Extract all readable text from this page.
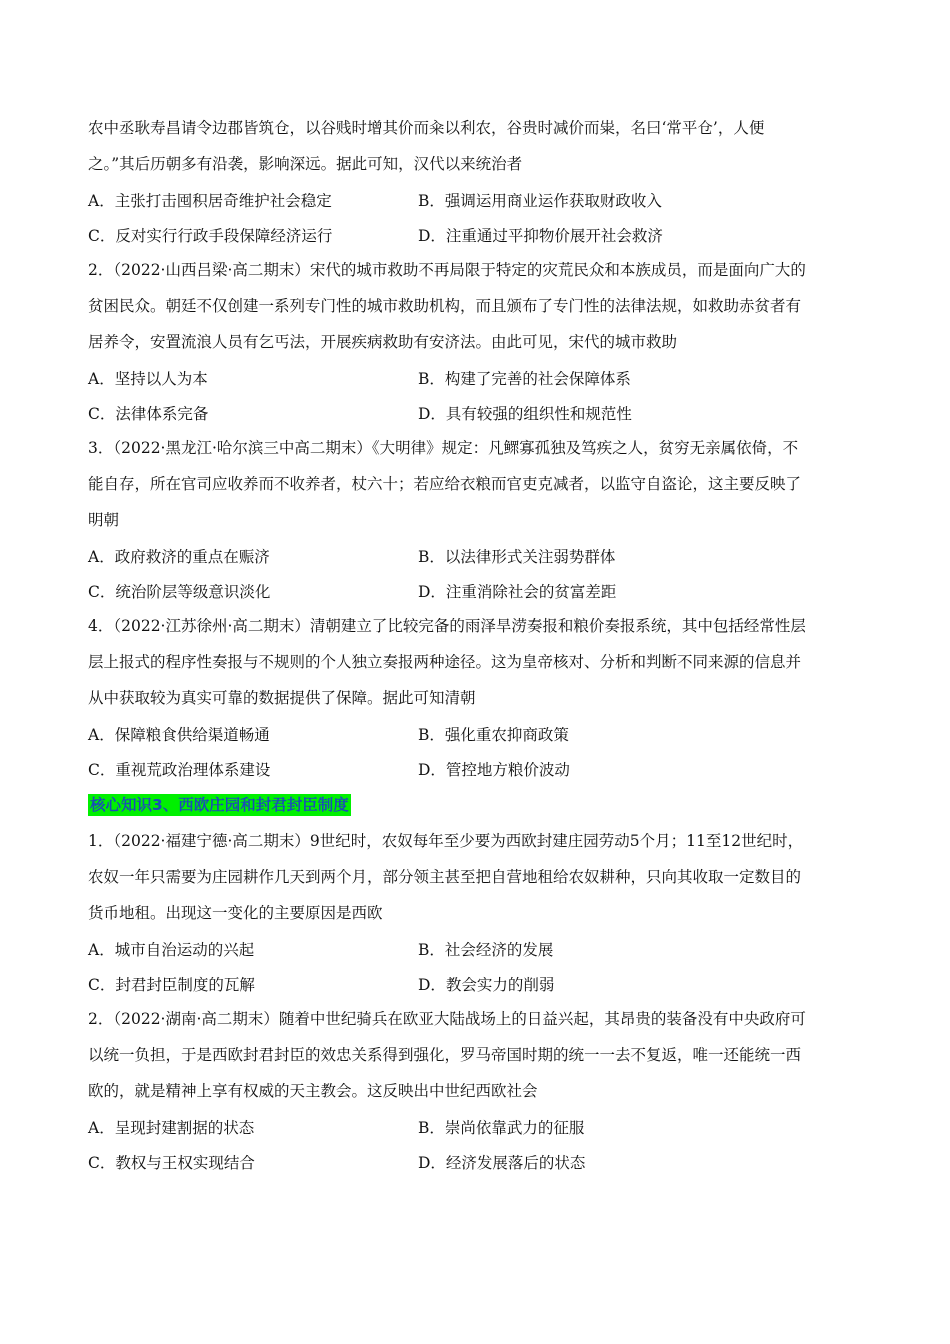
农中丞耿寿昌请令边郡皆筑仓，以谷贱时增其价而籴以利农，谷贵时减价而粜，名曰‘常平仓’，人便

之。”其后历朝多有沿袭，影响深远。据此可知，汉代以来统治者

A．主张打击囤积居奇维护社会稳定	B．强调运用商业运作获取财政收入
C．反对实行行政手段保障经济运行	D．注重通过平抑物价展开社会救济

2．（2022·山西吕梁·高二期末）宋代的城市救助不再局限于特定的灾荒民众和本族成员，而是面向广大的

贫困民众。朝廷不仅创建一系列专门性的城市救助机构，而且颁布了专门性的法律法规，如救助赤贫者有

居养令，安置流浪人员有乞丐法，开展疾病救助有安济法。由此可见，宋代的城市救助

A．坚持以人为本	B．构建了完善的社会保障体系
C．法律体系完备	D．具有较强的组织性和规范性

3．（2022·黑龙江·哈尔滨三中高二期末）《大明律》规定：凡鳏寡孤独及笃疾之人，贫穷无亲属依倚，不

能自存，所在官司应收养而不收养者，杖六十；若应给衣粮而官吏克减者，以监守自盗论，这主要反映了

明朝

A．政府救济的重点在赈济	B．以法律形式关注弱势群体
C．统治阶层等级意识淡化	D．注重消除社会的贫富差距

4．（2022·江苏徐州·高二期末）清朝建立了比较完备的雨泽旱涝奏报和粮价奏报系统，其中包括经常性层

层上报式的程序性奏报与不规则的个人独立奏报两种途径。这为皇帝核对、分析和判断不同来源的信息并

从中获取较为真实可靠的数据提供了保障。据此可知清朝

A．保障粮食供给渠道畅通	B．强化重农抑商政策
C．重视荒政治理体系建设	D．管控地方粮价波动
核心知识3、西欧庄园和封君封臣制度

1．（2022·福建宁德·高二期末）9世纪时，农奴每年至少要为西欧封建庄园劳动5个月；11至12世纪时，

农奴一年只需要为庄园耕作几天到两个月，部分领主甚至把自营地租给农奴耕种，只向其收取一定数目的

货币地租。出现这一变化的主要原因是西欧

A．城市自治运动的兴起	B．社会经济的发展
C．封君封臣制度的瓦解	D．教会实力的削弱

2．（2022·湖南·高二期末）随着中世纪骑兵在欧亚大陆战场上的日益兴起，其昂贵的装备没有中央政府可

以统一负担，于是西欧封君封臣的效忠关系得到强化，罗马帝国时期的统一一去不复返，唯一还能统一西

欧的，就是精神上享有权威的天主教会。这反映出中世纪西欧社会

A．呈现封建割据的状态	B．崇尚依靠武力的征服
C．教权与王权实现结合	D．经济发展落后的状态
